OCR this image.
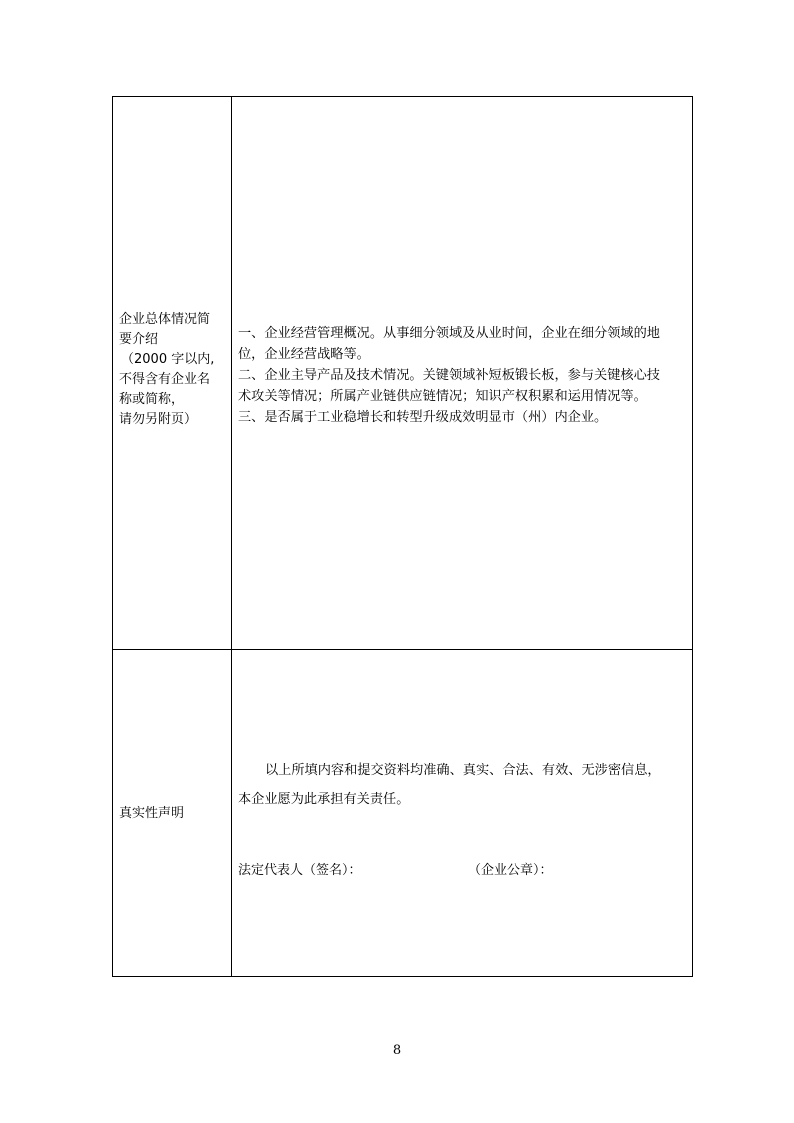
企业总体情况简
要介绍
（2000 字以内,
不得含有企业名
称或简称，
请勿另附页）
一、企业经营管理概况。从事细分领域及从业时间，企业在细分领域的地
位，企业经营战略等。
二、企业主导产品及技术情况。关键领域补短板锻长板，参与关键核心技
术攻关等情况；所属产业链供应链情况；知识产权积累和运用情况等。
三、是否属于工业稳增长和转型升级成效明显市（州）内企业。
真实性声明
以上所填内容和提交资料均准确、真实、合法、有效、无涉密信息，
本企业愿为此承担有关责任。
法定代表人（签名）：	（企业公章）：
8
